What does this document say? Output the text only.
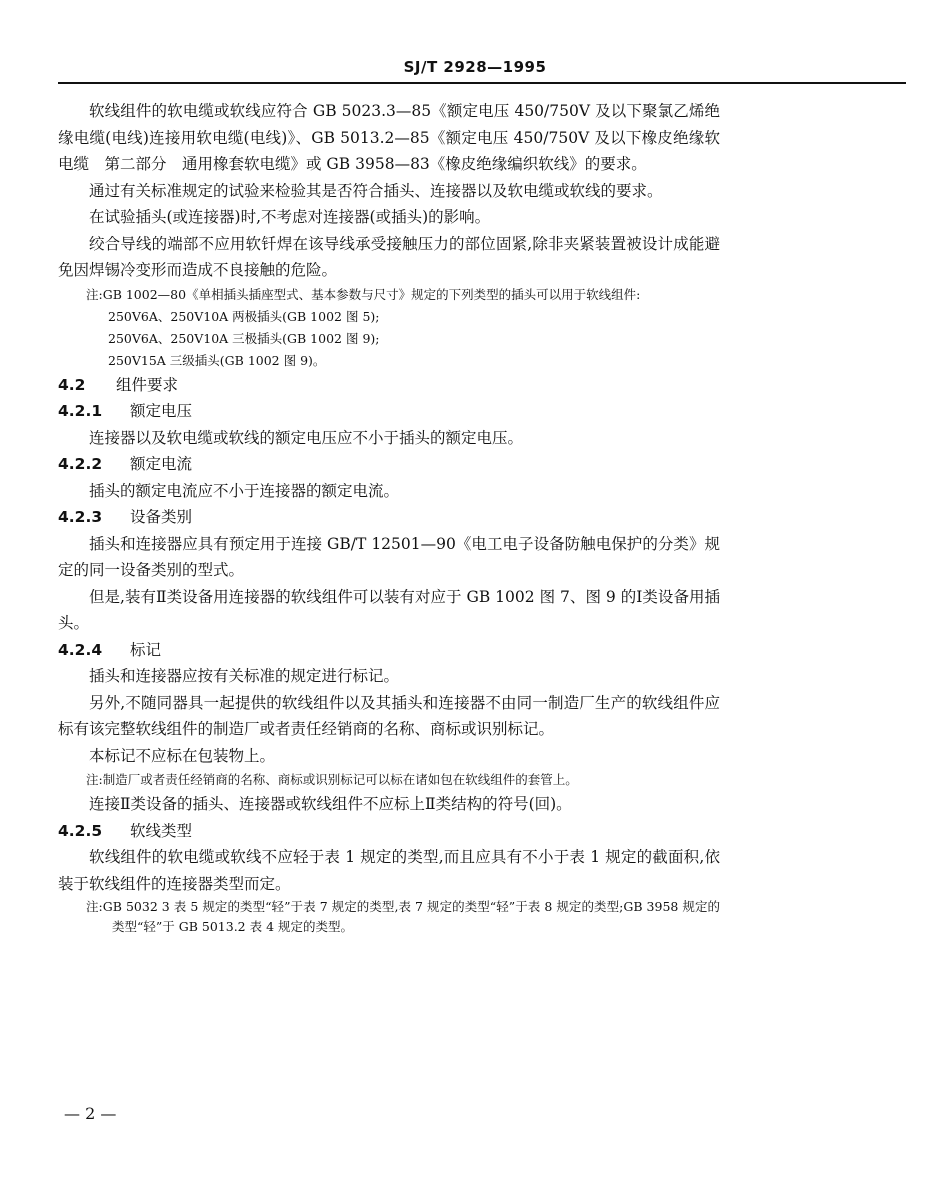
SJ/T 2928—1995

软线组件的软电缆或软线应符合 GB 5023.3—85《额定电压 450/750V 及以下聚氯乙烯绝缘电缆(电线)连接用软电缆(电线)》、GB 5013.2—85《额定电压 450/750V 及以下橡皮绝缘软电缆　第二部分　通用橡套软电缆》或 GB 3958—83《橡皮绝缘编织软线》的要求。

通过有关标准规定的试验来检验其是否符合插头、连接器以及软电缆或软线的要求。

在试验插头(或连接器)时,不考虑对连接器(或插头)的影响。

绞合导线的端部不应用软钎焊在该导线承受接触压力的部位固紧,除非夹紧装置被设计成能避免因焊锡冷变形而造成不良接触的危险。

注:GB 1002—80《单相插头插座型式、基本参数与尺寸》规定的下列类型的插头可以用于软线组件:

250V6A、250V10A 两极插头(GB 1002 图 5);

250V6A、250V10A 三极插头(GB 1002 图 9);

250V15A 三级插头(GB 1002 图 9)。

4.2 组件要求

4.2.1 额定电压

连接器以及软电缆或软线的额定电压应不小于插头的额定电压。

4.2.2 额定电流

插头的额定电流应不小于连接器的额定电流。

4.2.3 设备类别

插头和连接器应具有预定用于连接 GB/T 12501—90《电工电子设备防触电保护的分类》规定的同一设备类别的型式。

但是,装有Ⅱ类设备用连接器的软线组件可以装有对应于 GB 1002 图 7、图 9 的Ⅰ类设备用插头。

4.2.4 标记

插头和连接器应按有关标准的规定进行标记。

另外,不随同器具一起提供的软线组件以及其插头和连接器不由同一制造厂生产的软线组件应标有该完整软线组件的制造厂或者责任经销商的名称、商标或识别标记。

本标记不应标在包装物上。

注:制造厂或者责任经销商的名称、商标或识别标记可以标在诸如包在软线组件的套管上。

连接Ⅱ类设备的插头、连接器或软线组件不应标上Ⅱ类结构的符号(回)。

4.2.5 软线类型

软线组件的软电缆或软线不应轻于表 1 规定的类型,而且应具有不小于表 1 规定的截面积,依装于软线组件的连接器类型而定。

注:GB 5032 3 表 5 规定的类型“轻”于表 7 规定的类型,表 7 规定的类型“轻”于表 8 规定的类型;GB 3958 规定的类型“轻”于 GB 5013.2 表 4 规定的类型。

— 2 —
